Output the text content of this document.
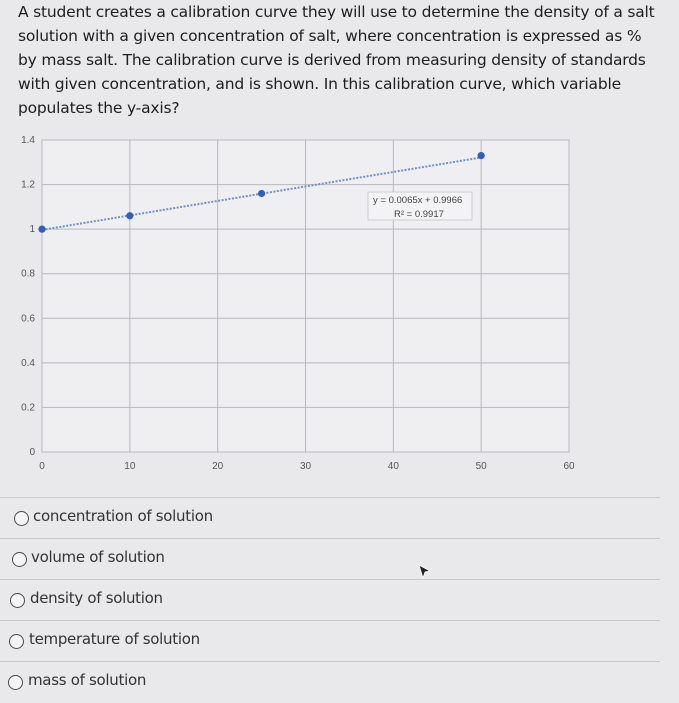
A student creates a calibration curve they will use to determine the density of a salt solution with a given concentration of salt, where concentration is expressed as % by mass salt. The calibration curve is derived from measuring density of standards with given concentration, and is shown. In this calibration curve, which variable populates the y-axis?
0
0.2
0.4
0.6
0.8
1
1.2
1.4
0	10	20	30	40	50	60
y = 0.0065x + 0.9966
R² = 0.9917
concentration of solution
volume of solution
density of solution
temperature of solution
mass of solution
